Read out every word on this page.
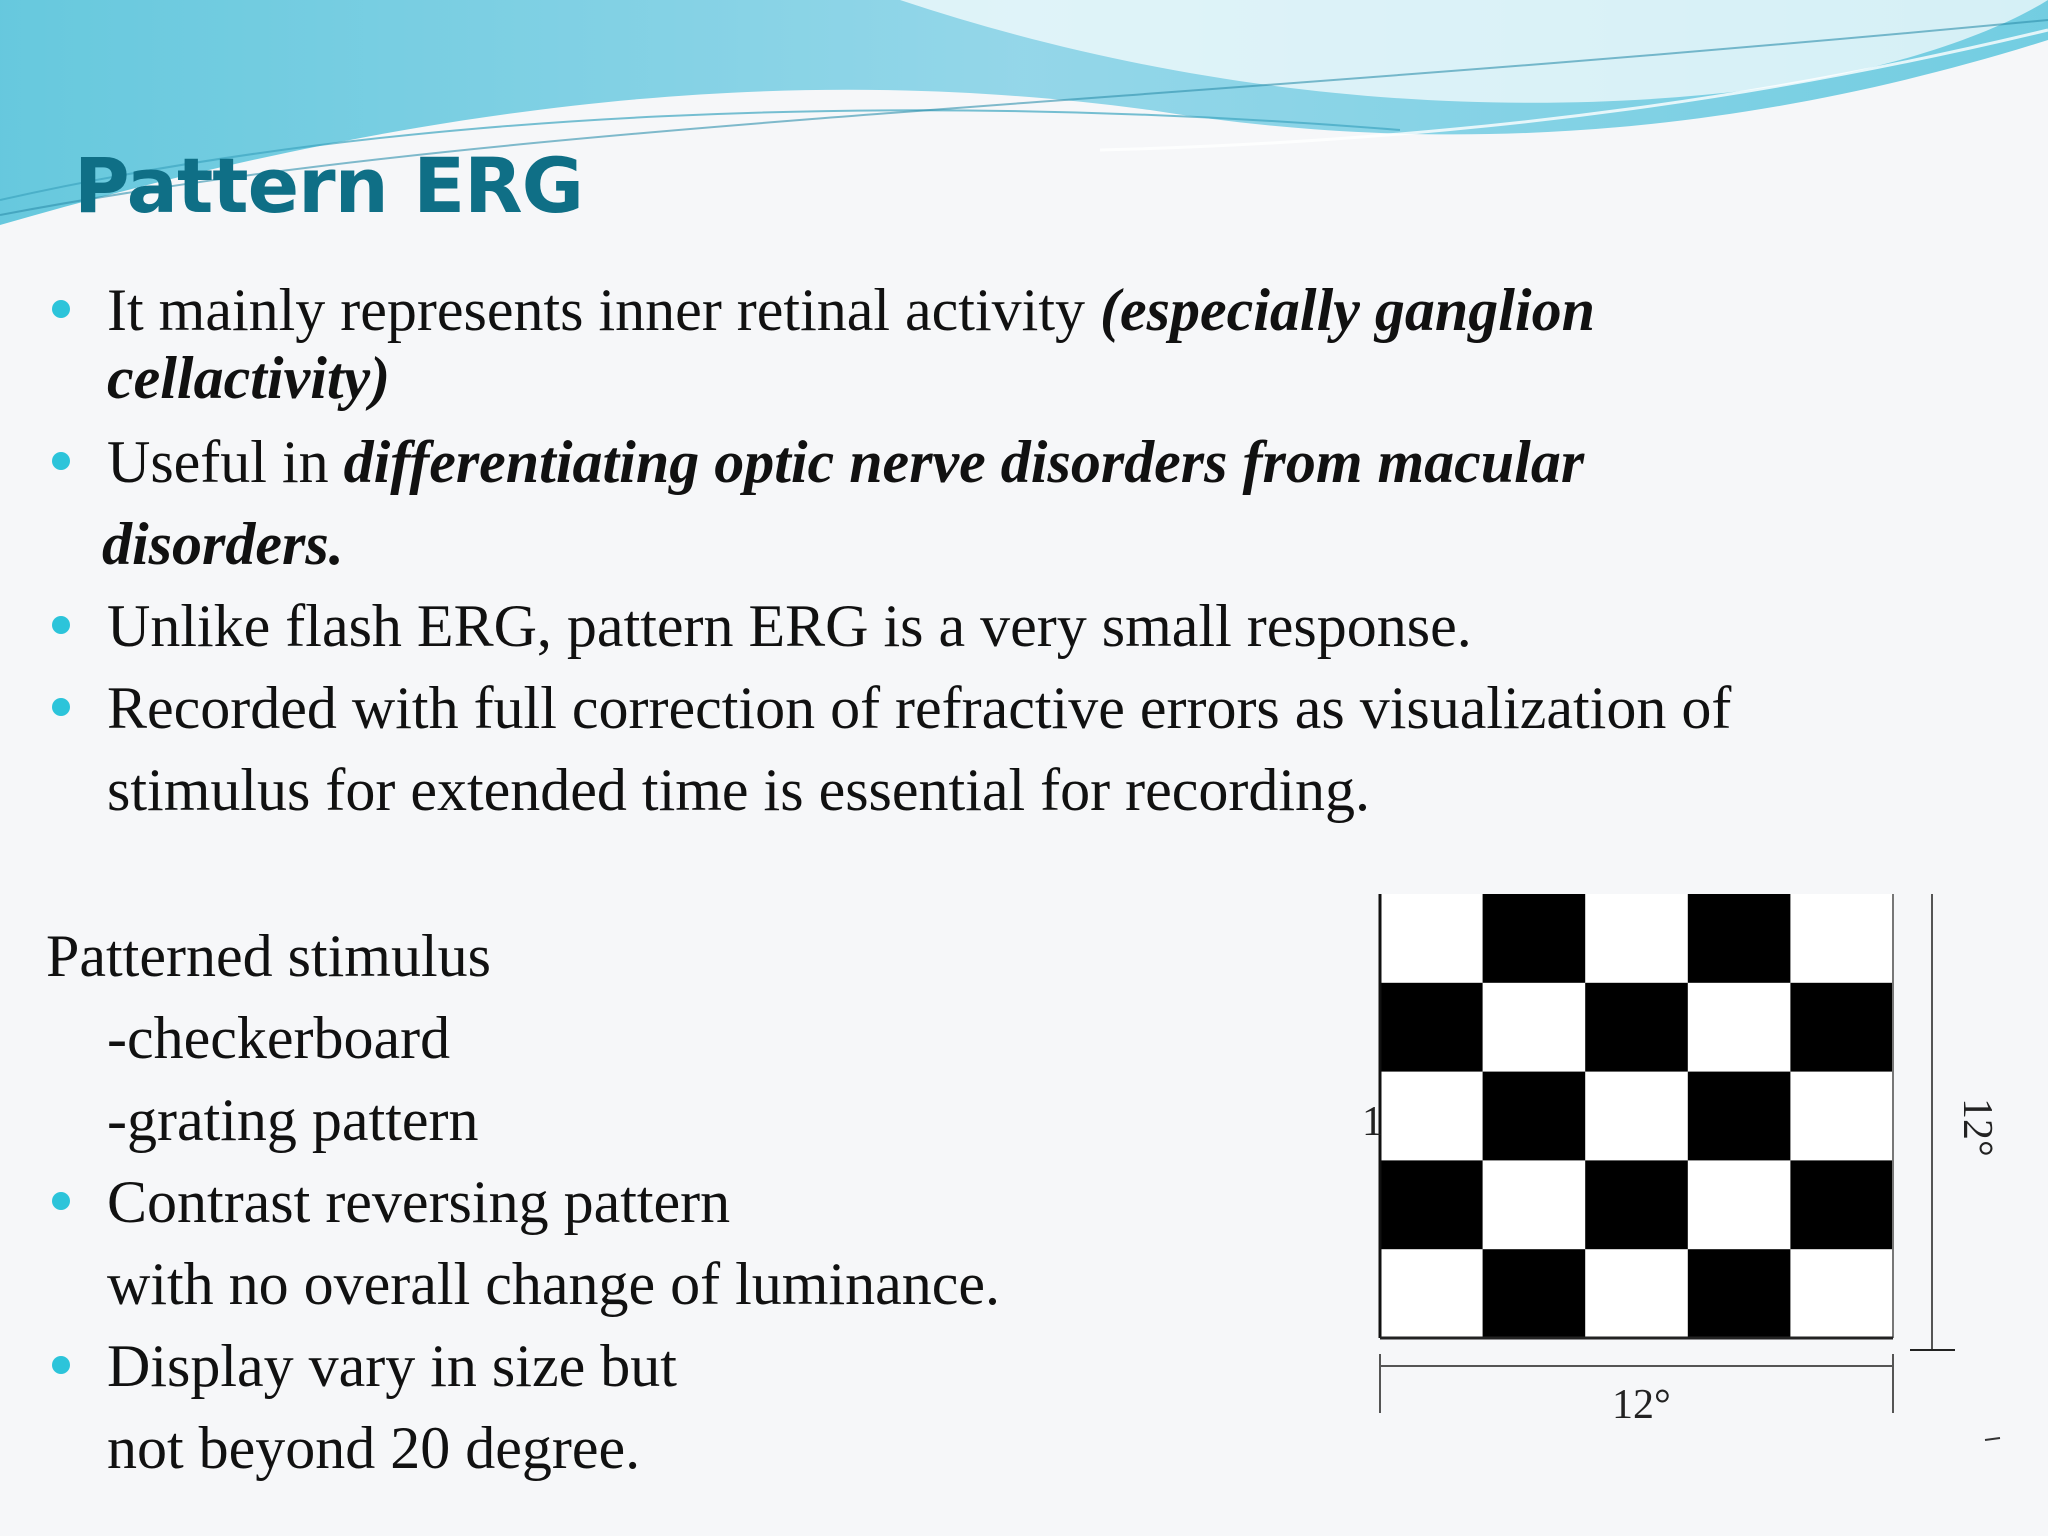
Pattern ERG
It mainly represents inner retinal activity (especially ganglion
cellactivity)
Useful in differentiating optic nerve disorders from macular
disorders.
Unlike flash ERG, pattern ERG is a very small response.
Recorded with full correction of refractive errors as visualization of
stimulus for extended time is essential for recording.
Patterned stimulus
-checkerboard
-grating pattern
Contrast reversing pattern
with no overall change of luminance.
Display vary in size but
not beyond 20 degree.
12°
12°
1
